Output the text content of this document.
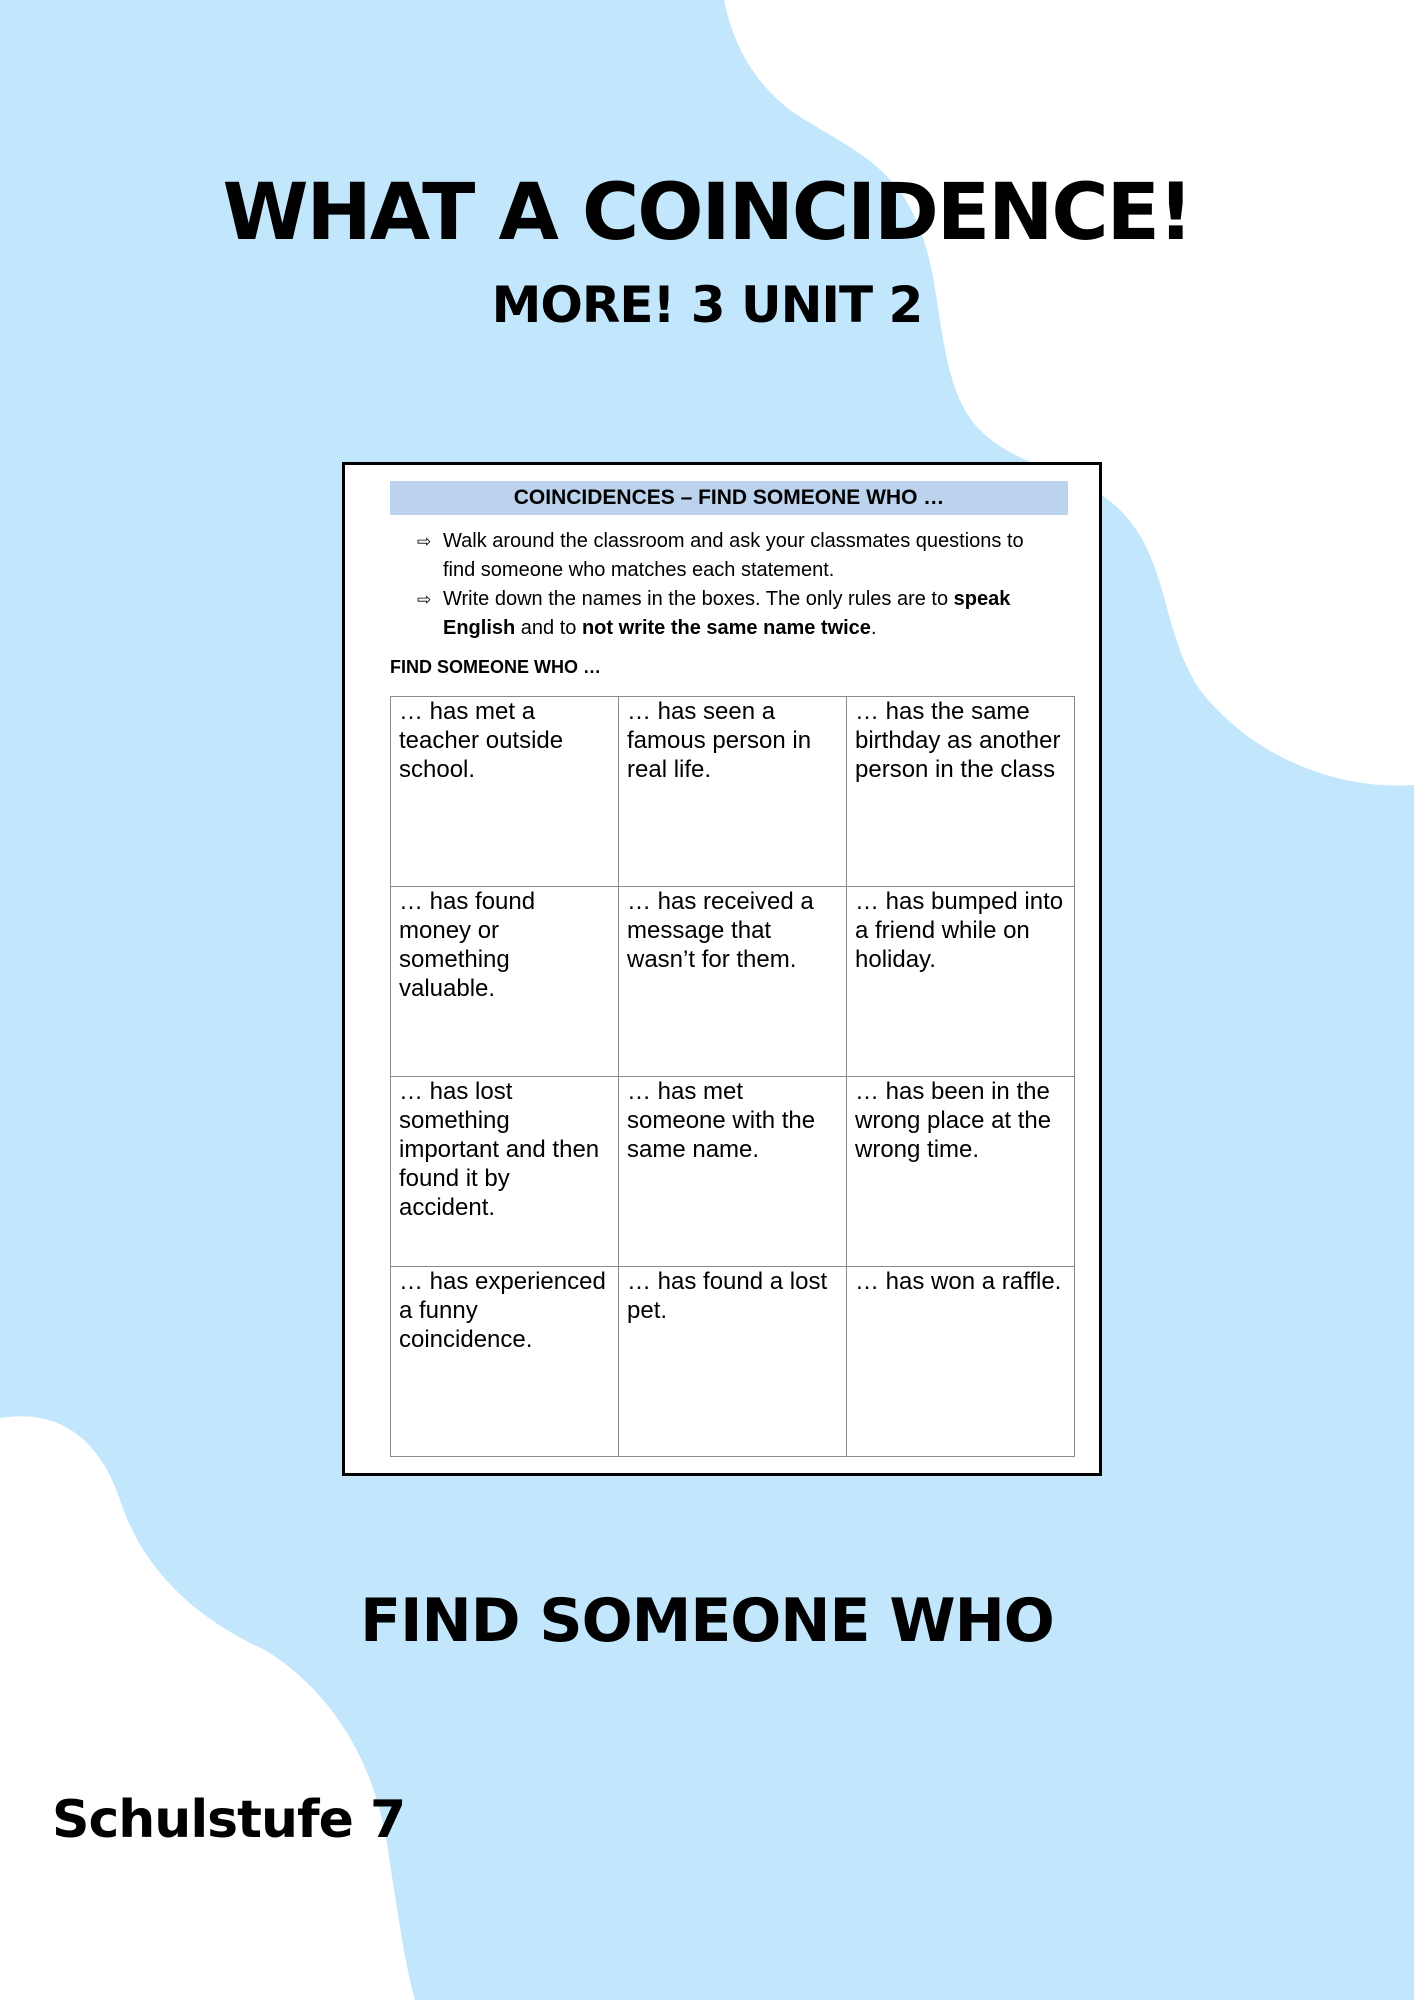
WHAT A COINCIDENCE!
MORE! 3 UNIT 2
COINCIDENCES – FIND SOMEONE WHO …
⇨ Walk around the classroom and ask your classmates questions to find someone who matches each statement.
⇨ Write down the names in the boxes. The only rules are to speak English and to not write the same name twice.
FIND SOMEONE WHO …
… has met a teacher outside school.	… has seen a famous person in real life.	… has the same birthday as another person in the class
… has found money or something valuable.	… has received a message that wasn’t for them.	… has bumped into a friend while on holiday.
… has lost something important and then found it by accident.	… has met someone with the same name.	… has been in the wrong place at the wrong time.
… has experienced a funny coincidence.	… has found a lost pet.	… has won a raffle.
FIND SOMEONE WHO
Schulstufe 7
